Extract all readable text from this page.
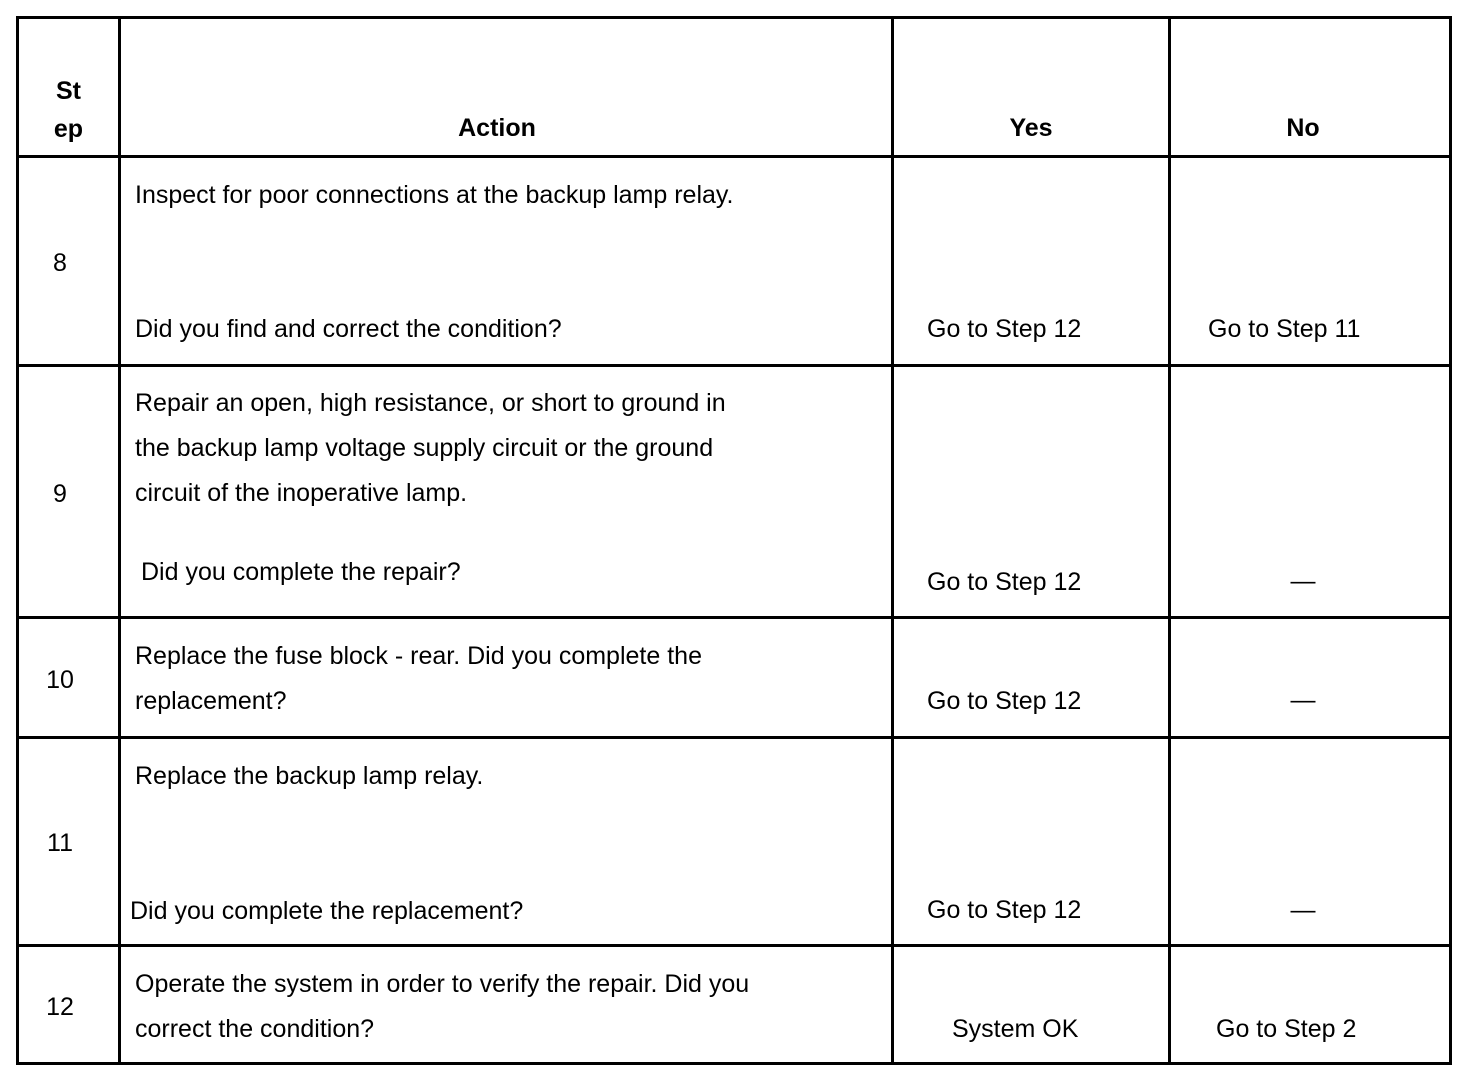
St
ep	Action	Yes	No
8
Inspect for poor connections at the backup lamp relay.
Did you find and correct the condition?	Go to Step 12	Go to Step 11
9
Repair an open, high resistance, or short to ground in
the backup lamp voltage supply circuit or the ground
circuit of the inoperative lamp.
Did you complete the repair?	Go to Step 12	—
10
Replace the fuse block - rear. Did you complete the
replacement?	Go to Step 12	—
11
Replace the backup lamp relay.
Did you complete the replacement?	Go to Step 12	—
12
Operate the system in order to verify the repair. Did you
correct the condition?	System OK	Go to Step 2
